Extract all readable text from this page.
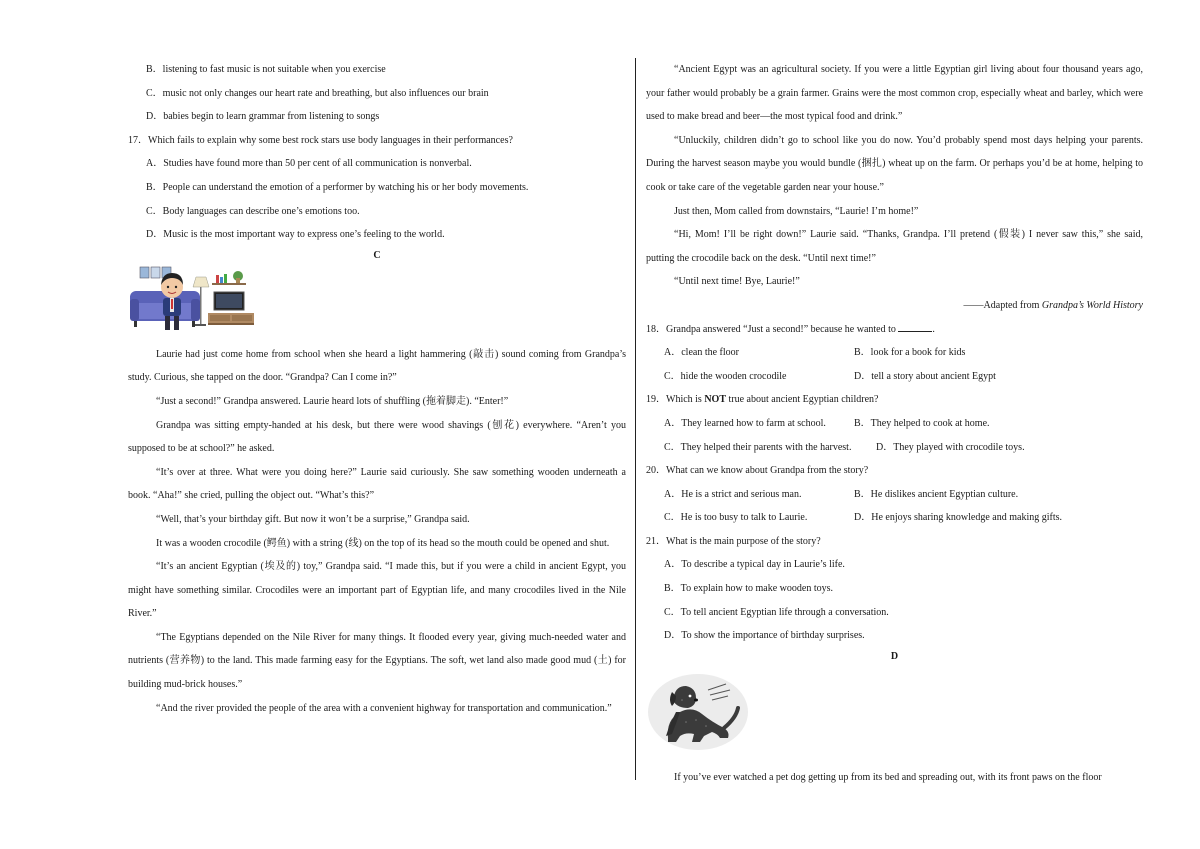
B．listening to fast music is not suitable when you exercise
C．music not only changes our heart rate and breathing, but also influences our brain
D．babies begin to learn grammar from listening to songs
17．Which fails to explain why some best rock stars use body languages in their performances?
A．Studies have found more than 50 per cent of all communication is nonverbal.
B．People can understand the emotion of a performer by watching his or her body movements.
C．Body languages can describe one’s emotions too.
D．Music is the most important way to express one’s feeling to the world.
C
Laurie had just come home from school when she heard a light hammering (敲击) sound coming from Grandpa’s study. Curious, she tapped on the door. “Grandpa? Can I come in?”
“Just a second!” Grandpa answered. Laurie heard lots of shuffling (拖着脚走). “Enter!”
Grandpa was sitting empty-handed at his desk, but there were wood shavings (刨花) everywhere. “Aren’t you supposed to be at school?” he asked.
“It’s over at three. What were you doing here?” Laurie said curiously. She saw something wooden underneath a book. “Aha!” she cried, pulling the object out. “What’s this?”
“Well, that’s your birthday gift. But now it won’t be a surprise,” Grandpa said.
It was a wooden crocodile (鳄鱼) with a string (线) on the top of its head so the mouth could be opened and shut.
“It’s an ancient Egyptian (埃及的) toy,” Grandpa said. “I made this, but if you were a child in ancient Egypt, you might have something similar. Crocodiles were an important part of Egyptian life, and many crocodiles lived in the Nile River.”
“The Egyptians depended on the Nile River for many things. It flooded every year, giving much-needed water and nutrients (营养物) to the land. This made farming easy for the Egyptians. The soft, wet land also made good mud (土) for building mud-brick houses.”
“And the river provided the people of the area with a convenient highway for transportation and communication.”
“Ancient Egypt was an agricultural society. If you were a little Egyptian girl living about four thousand years ago, your father would probably be a grain farmer. Grains were the most common crop, especially wheat and barley, which were used to make bread and beer—the most typical food and drink.”
“Unluckily, children didn’t go to school like you do now. You’d probably spend most days helping your parents. During the harvest season maybe you would bundle (捆扎) wheat up on the farm. Or perhaps you’d be at home, helping to cook or take care of the vegetable garden near your house.”
Just then, Mom called from downstairs, “Laurie! I’m home!”
“Hi, Mom! I’ll be right down!” Laurie said. “Thanks, Grandpa. I’ll pretend (假装) I never saw this,” she said, putting the crocodile back on the desk. “Until next time!”
“Until next time! Bye, Laurie!”
——Adapted from Grandpa’s World History
18．Grandpa answered “Just a second!” because he wanted to	.
A．clean the floor	B．look for a book for kids
C．hide the wooden crocodile	D．tell a story about ancient Egypt
19．Which is NOT true about ancient Egyptian children?
A．They learned how to farm at school.	B．They helped to cook at home.
C．They helped their parents with the harvest.	D．They played with crocodile toys.
20．What can we know about Grandpa from the story?
A．He is a strict and serious man.	B．He dislikes ancient Egyptian culture.
C．He is too busy to talk to Laurie.	D．He enjoys sharing knowledge and making gifts.
21．What is the main purpose of the story?
A．To describe a typical day in Laurie’s life.
B．To explain how to make wooden toys.
C．To tell ancient Egyptian life through a conversation.
D．To show the importance of birthday surprises.
D
If you’ve ever watched a pet dog getting up from its bed and spreading out, with its front paws on the floor
